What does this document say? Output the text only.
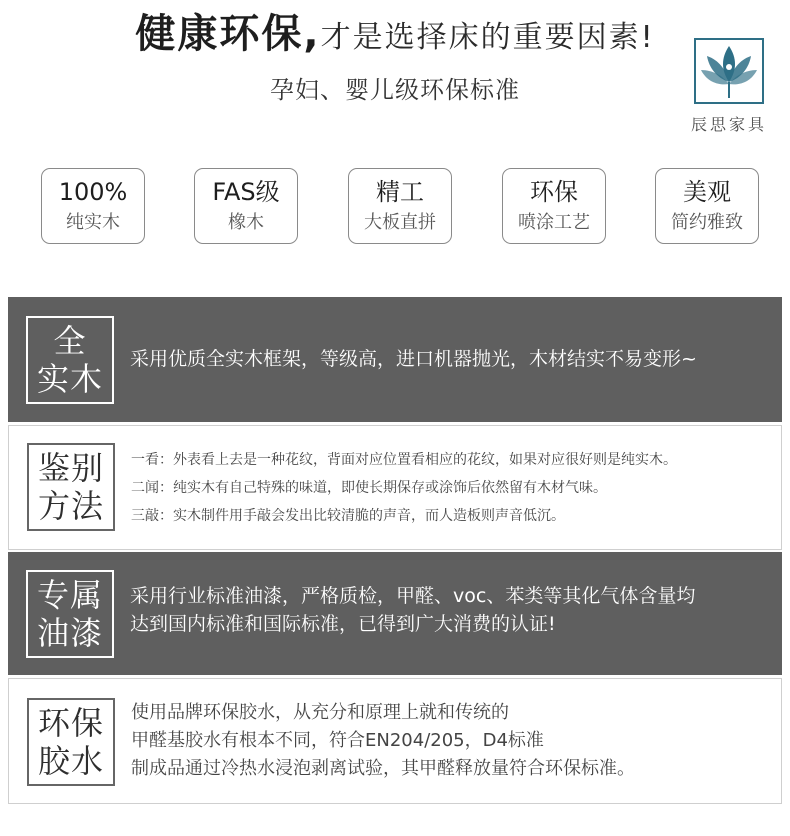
健康环保,才是选择床的重要因素!
孕妇、婴儿级环保标准
辰思家具
100%
纯实木
FAS级
橡木
精工
大板直拼
环保
喷涂工艺
美观
简约雅致
全
实木
采用优质全实木框架，等级高，进口机器抛光，木材结实不易变形~
鉴别
方法
一看：外表看上去是一种花纹，背面对应位置看相应的花纹，如果对应很好则是纯实木。
二闻：纯实木有自己特殊的味道，即使长期保存或涂饰后依然留有木材气味。
三敲：实木制件用手敲会发出比较清脆的声音，而人造板则声音低沉。
专属
油漆
采用行业标准油漆，严格质检，甲醛、voc、苯类等其化气体含量均
达到国内标准和国际标准，已得到广大消费的认证!
环保
胶水
使用品牌环保胶水，从充分和原理上就和传统的
甲醛基胶水有根本不同，符合EN204/205，D4标准
制成品通过冷热水浸泡剥离试验，其甲醛释放量符合环保标准。
